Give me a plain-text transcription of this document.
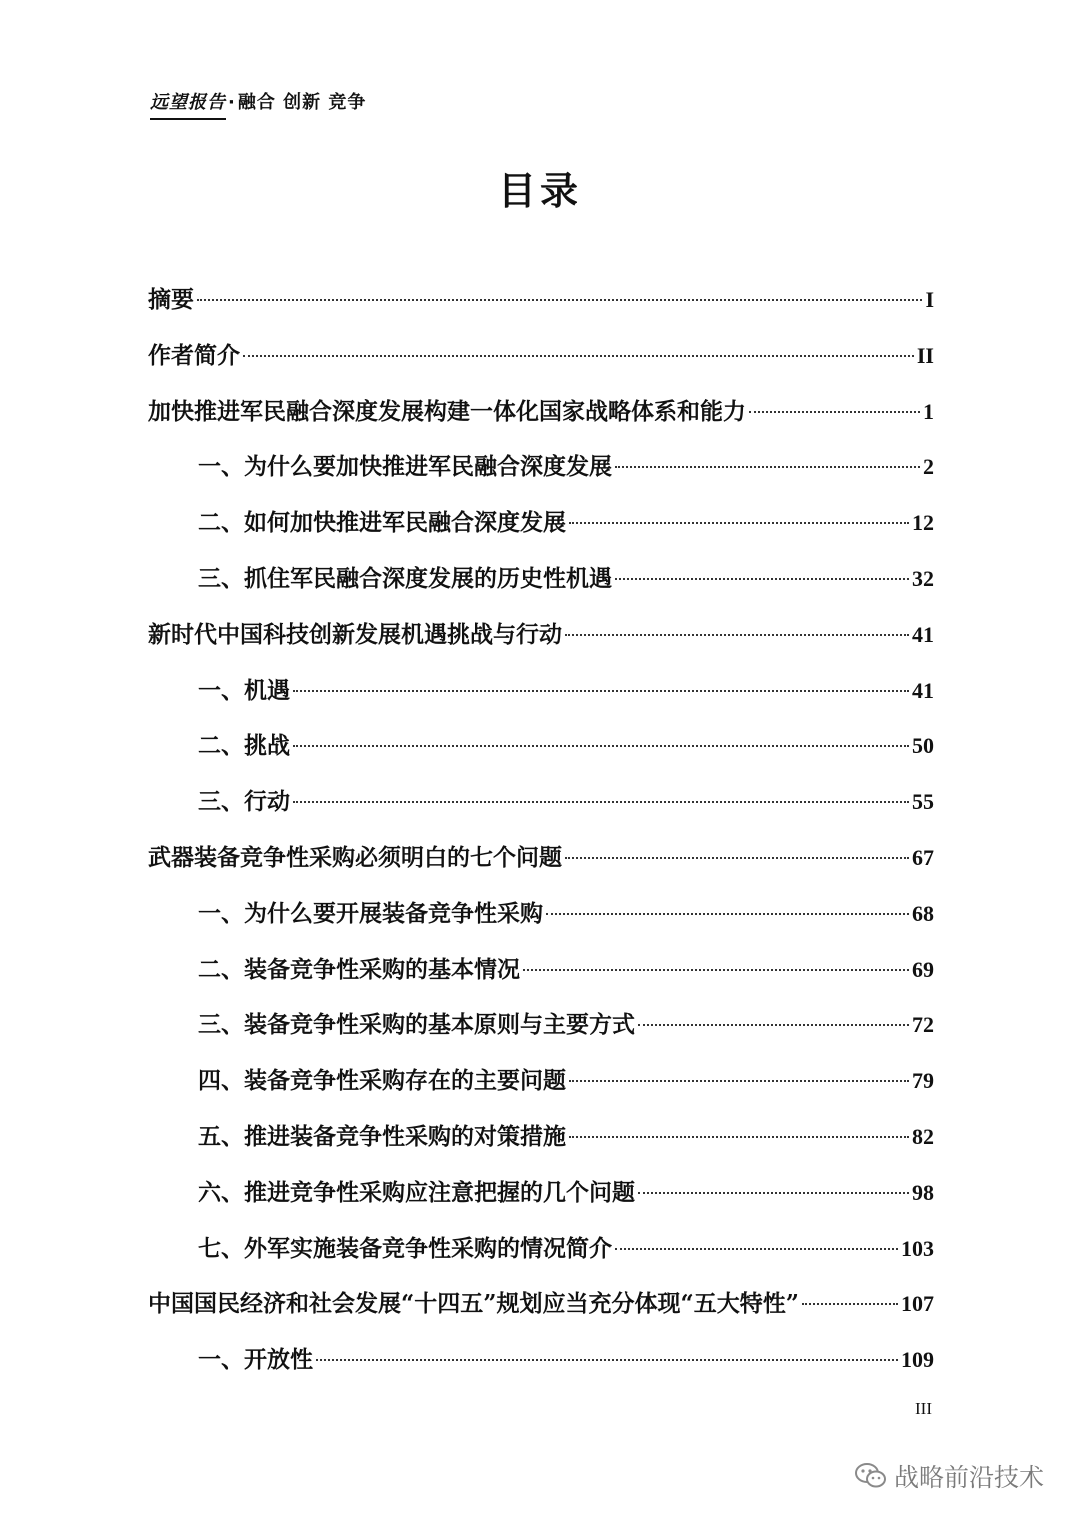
远望报告 · 融合 创新 竞争
目录
摘要	I
作者简介	II
加快推进军民融合深度发展构建一体化国家战略体系和能力	1
一、为什么要加快推进军民融合深度发展	2
二、如何加快推进军民融合深度发展	12
三、抓住军民融合深度发展的历史性机遇	32
新时代中国科技创新发展机遇挑战与行动	41
一、机遇	41
二、挑战	50
三、行动	55
武器装备竞争性采购必须明白的七个问题	67
一、为什么要开展装备竞争性采购	68
二、装备竞争性采购的基本情况	69
三、装备竞争性采购的基本原则与主要方式	72
四、装备竞争性采购存在的主要问题	79
五、推进装备竞争性采购的对策措施	82
六、推进竞争性采购应注意把握的几个问题	98
七、外军实施装备竞争性采购的情况简介	103
中国国民经济和社会发展“十四五”规划应当充分体现“五大特性”	107
一、开放性	109
III
战略前沿技术
